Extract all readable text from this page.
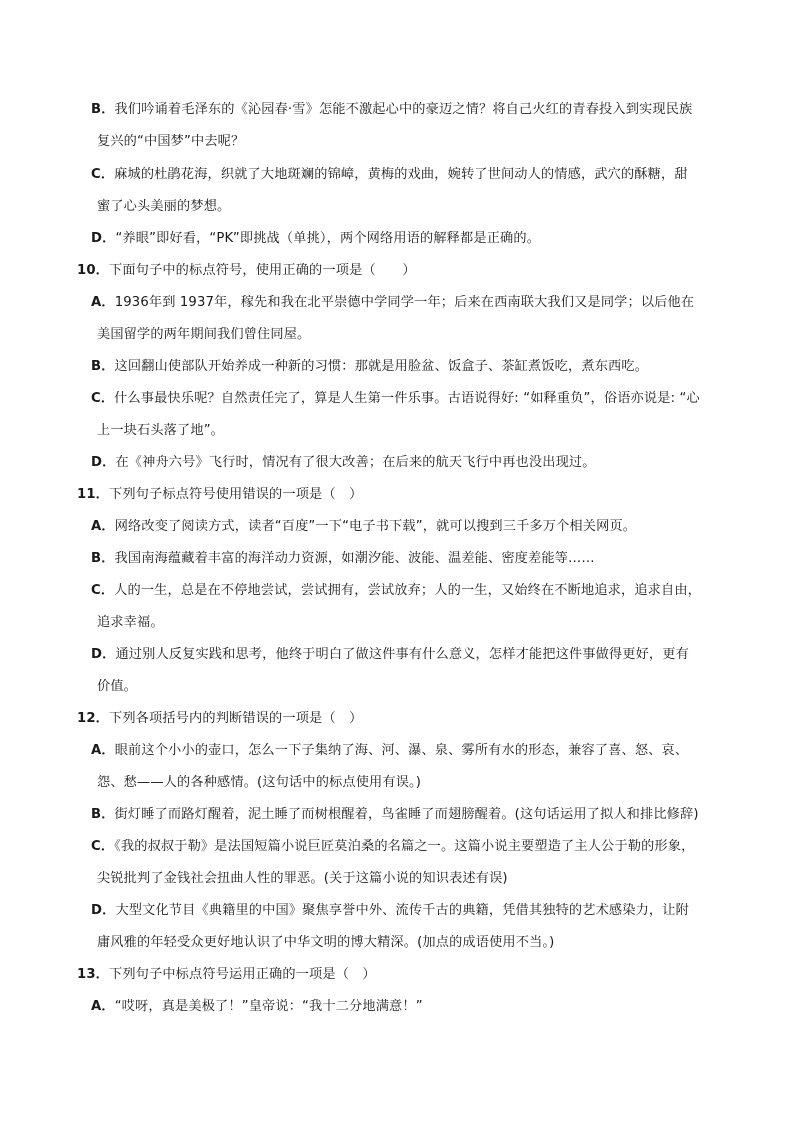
B．我们吟诵着毛泽东的《沁园春·雪》怎能不激起心中的豪迈之情？将自己火红的青春投入到实现民族
复兴的“中国梦”中去呢？
C．麻城的杜鹃花海，织就了大地斑斓的锦嶂，黄梅的戏曲，婉转了世间动人的情感，武穴的酥糖，甜
蜜了心头美丽的梦想。
D．“养眼”即好看，“PK”即挑战（单挑），两个网络用语的解释都是正确的。
10．下面句子中的标点符号，使用正确的一项是（　　）
A．1936年到 1937年，稼先和我在北平崇德中学同学一年；后来在西南联大我们又是同学；以后他在
美国留学的两年期间我们曾住同屋。
B．这回翻山使部队开始养成一种新的习惯：那就是用脸盆、饭盒子、茶缸煮饭吃，煮东西吃。
C．什么事最快乐呢？自然责任完了，算是人生第一件乐事。古语说得好: “如释重负”，俗语亦说是: “心
上一块石头落了地”。
D．在《神舟六号》飞行时，情况有了很大改善；在后来的航天飞行中再也没出现过。
11．下列句子标点符号使用错误的一项是（　）
A．网络改变了阅读方式，读者“百度”一下“电子书下载”，就可以搜到三千多万个相关网页。
B．我国南海蕴藏着丰富的海洋动力资源，如潮汐能、波能、温差能、密度差能等……
C．人的一生，总是在不停地尝试，尝试拥有，尝试放弃；人的一生，又始终在不断地追求，追求自由，
追求幸福。
D．通过别人反复实践和思考，他终于明白了做这件事有什么意义，怎样才能把这件事做得更好，更有
价值。
12．下列各项括号内的判断错误的一项是（　）
A．眼前这个小小的壶口，怎么一下子集纳了海、河、瀑、泉、雾所有水的形态，兼容了喜、怒、哀、
怨、愁——人的各种感情。(这句话中的标点使用有误。)
B．街灯睡了而路灯醒着，泥土睡了而树根醒着，鸟雀睡了而翅膀醒着。(这句话运用了拟人和排比修辞)
C．《我的叔叔于勒》是法国短篇小说巨匠莫泊桑的名篇之一。这篇小说主要塑造了主人公于勒的形象，
尖锐批判了金钱社会扭曲人性的罪恶。(关于这篇小说的知识表述有误)
D．大型文化节目《典籍里的中国》聚焦享誉中外、流传千古的典籍，凭借其独特的艺术感染力，让附
庸风雅的年轻受众更好地认识了中华文明的博大精深。(加点的成语使用不当。)
13．下列句子中标点符号运用正确的一项是（　）
A．“哎呀，真是美极了！”皇帝说：“我十二分地满意！”
